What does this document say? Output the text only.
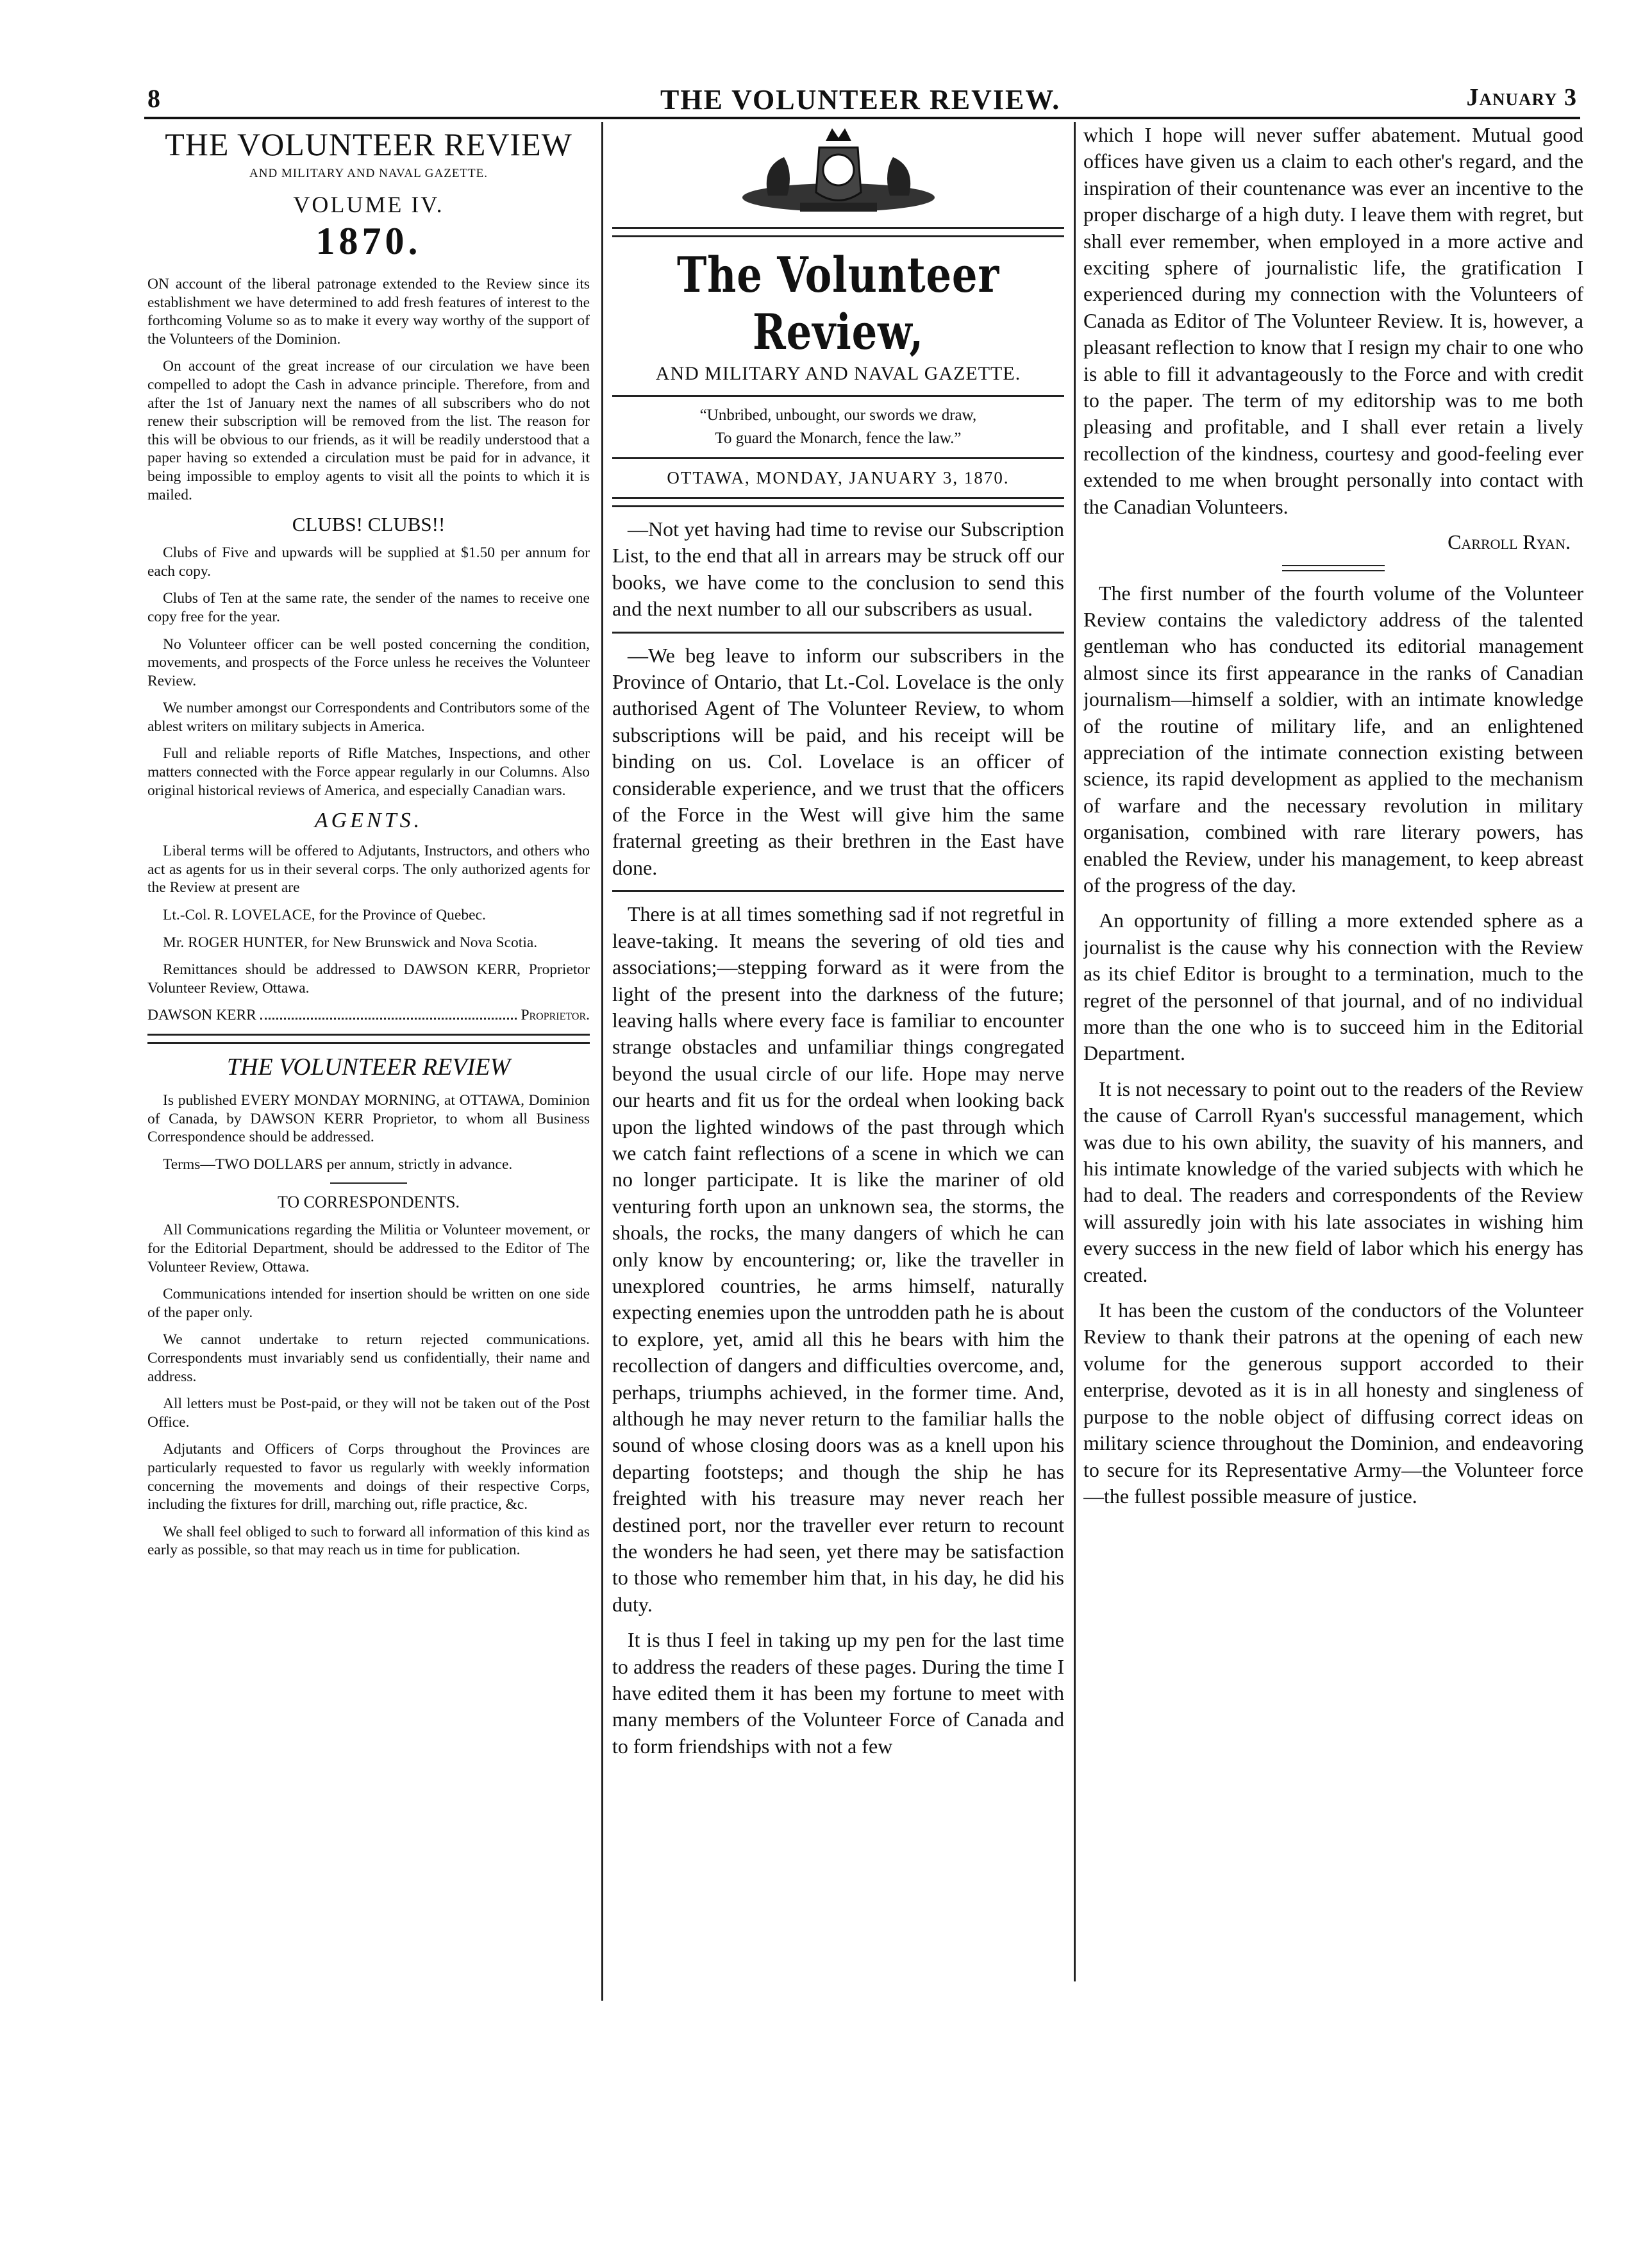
8	THE VOLUNTEER REVIEW.	January 3
THE VOLUNTEER REVIEW
AND MILITARY AND NAVAL GAZETTE.
VOLUME IV.
1870.

ON account of the liberal patronage extended to the Review since its establishment we have determined to add fresh features of interest to the forthcoming Volume so as to make it every way worthy of the support of the Volunteers of the Dominion.

On account of the great increase of our circulation we have been compelled to adopt the Cash in advance principle. Therefore, from and after the 1st of January next the names of all subscribers who do not renew their subscription will be removed from the list. The reason for this will be obvious to our friends, as it will be readily understood that a paper having so extended a circulation must be paid for in advance, it being impossible to employ agents to visit all the points to which it is mailed.

CLUBS! CLUBS!!

Clubs of Five and upwards will be supplied at $1.50 per annum for each copy.

Clubs of Ten at the same rate, the sender of the names to receive one copy free for the year.

No Volunteer officer can be well posted concerning the condition, movements, and prospects of the Force unless he receives the Volunteer Review.

We number amongst our Correspondents and Contributors some of the ablest writers on military subjects in America.

Full and reliable reports of Rifle Matches, Inspections, and other matters connected with the Force appear regularly in our Columns. Also original historical reviews of America, and especially Canadian wars.

AGENTS.

Liberal terms will be offered to Adjutants, Instructors, and others who act as agents for us in their several corps. The only authorized agents for the Review at present are

Lt.-Col. R. LOVELACE, for the Province of Quebec.

Mr. ROGER HUNTER, for New Brunswick and Nova Scotia.

Remittances should be addressed to DAWSON KERR, Proprietor Volunteer Review, Ottawa.

DAWSON KERR	Proprietor.

THE VOLUNTEER REVIEW

Is published EVERY MONDAY MORNING, at OTTAWA, Dominion of Canada, by DAWSON KERR Proprietor, to whom all Business Correspondence should be addressed.

Terms—TWO DOLLARS per annum, strictly in advance.

TO CORRESPONDENTS.

All Communications regarding the Militia or Volunteer movement, or for the Editorial Department, should be addressed to the Editor of The Volunteer Review, Ottawa.

Communications intended for insertion should be written on one side of the paper only.

We cannot undertake to return rejected communications. Correspondents must invariably send us confidentially, their name and address.

All letters must be Post-paid, or they will not be taken out of the Post Office.

Adjutants and Officers of Corps throughout the Provinces are particularly requested to favor us regularly with weekly information concerning the movements and doings of their respective Corps, including the fixtures for drill, marching out, rifle practice, &c.

We shall feel obliged to such to forward all information of this kind as early as possible, so that may reach us in time for publication.

The Volunteer Review,
AND MILITARY AND NAVAL GAZETTE.
“Unbribed, unbought, our swords we draw,
To guard the Monarch, fence the law.”
OTTAWA, MONDAY, JANUARY 3, 1870.

—Not yet having had time to revise our Subscription List, to the end that all in arrears may be struck off our books, we have come to the conclusion to send this and the next number to all our subscribers as usual.

—We beg leave to inform our subscribers in the Province of Ontario, that Lt.-Col. Lovelace is the only authorised Agent of The Volunteer Review, to whom subscriptions will be paid, and his receipt will be binding on us. Col. Lovelace is an officer of considerable experience, and we trust that the officers of the Force in the West will give him the same fraternal greeting as their brethren in the East have done.

There is at all times something sad if not regretful in leave-taking. It means the severing of old ties and associations;—stepping forward as it were from the light of the present into the darkness of the future; leaving halls where every face is familiar to encounter strange obstacles and unfamiliar things congregated beyond the usual circle of our life. Hope may nerve our hearts and fit us for the ordeal when looking back upon the lighted windows of the past through which we catch faint reflections of a scene in which we can no longer participate. It is like the mariner of old venturing forth upon an unknown sea, the storms, the shoals, the rocks, the many dangers of which he can only know by encountering; or, like the traveller in unexplored countries, he arms himself, naturally expecting enemies upon the untrodden path he is about to explore, yet, amid all this he bears with him the recollection of dangers and difficulties overcome, and, perhaps, triumphs achieved, in the former time. And, although he may never return to the familiar halls the sound of whose closing doors was as a knell upon his departing footsteps; and though the ship he has freighted with his treasure may never reach her destined port, nor the traveller ever return to recount the wonders he had seen, yet there may be satisfaction to those who remember him that, in his day, he did his duty.

It is thus I feel in taking up my pen for the last time to address the readers of these pages. During the time I have edited them it has been my fortune to meet with many members of the Volunteer Force of Canada and to form friendships with not a few

which I hope will never suffer abatement. Mutual good offices have given us a claim to each other's regard, and the inspiration of their countenance was ever an incentive to the proper discharge of a high duty. I leave them with regret, but shall ever remember, when employed in a more active and exciting sphere of journalistic life, the gratification I experienced during my connection with the Volunteers of Canada as Editor of The Volunteer Review. It is, however, a pleasant reflection to know that I resign my chair to one who is able to fill it advantageously to the Force and with credit to the paper. The term of my editorship was to me both pleasing and profitable, and I shall ever retain a lively recollection of the kindness, courtesy and good-feeling ever extended to me when brought personally into contact with the Canadian Volunteers.

Carroll Ryan.

The first number of the fourth volume of the Volunteer Review contains the valedictory address of the talented gentleman who has conducted its editorial management almost since its first appearance in the ranks of Canadian journalism—himself a soldier, with an intimate knowledge of the routine of military life, and an enlightened appreciation of the intimate connection existing between science, its rapid development as applied to the mechanism of warfare and the necessary revolution in military organisation, combined with rare literary powers, has enabled the Review, under his management, to keep abreast of the progress of the day.

An opportunity of filling a more extended sphere as a journalist is the cause why his connection with the Review as its chief Editor is brought to a termination, much to the regret of the personnel of that journal, and of no individual more than the one who is to succeed him in the Editorial Department.

It is not necessary to point out to the readers of the Review the cause of Carroll Ryan's successful management, which was due to his own ability, the suavity of his manners, and his intimate knowledge of the varied subjects with which he had to deal. The readers and correspondents of the Review will assuredly join with his late associates in wishing him every success in the new field of labor which his energy has created.

It has been the custom of the conductors of the Volunteer Review to thank their patrons at the opening of each new volume for the generous support accorded to their enterprise, devoted as it is in all honesty and singleness of purpose to the noble object of diffusing correct ideas on military science throughout the Dominion, and endeavoring to secure for its Representative Army—the Volunteer force—the fullest possible measure of justice.
